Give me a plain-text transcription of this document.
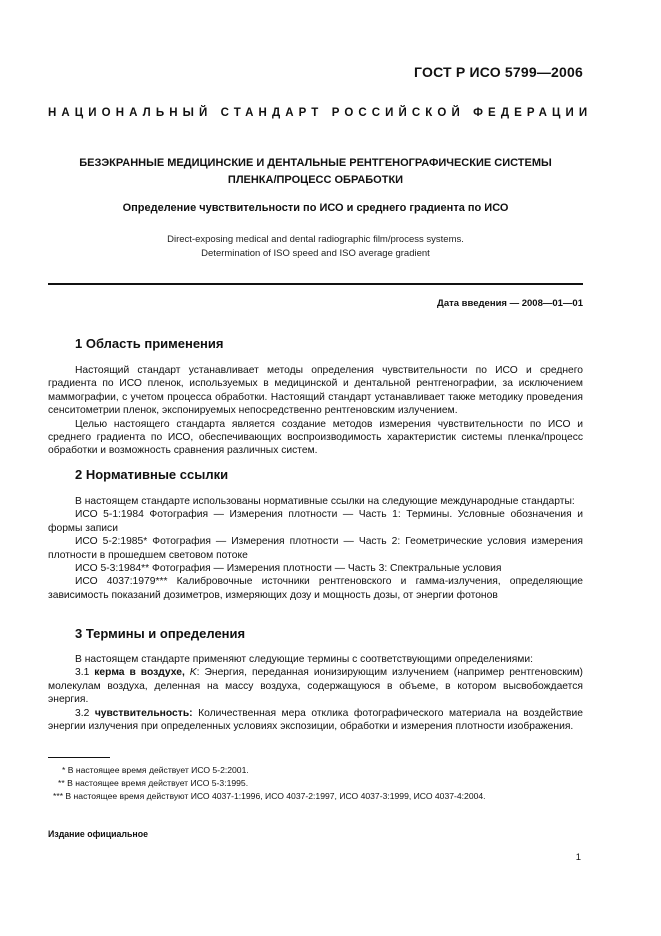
ГОСТ Р ИСО 5799—2006
НАЦИОНАЛЬНЫЙ СТАНДАРТ РОССИЙСКОЙ ФЕДЕРАЦИИ
БЕЗЭКРАННЫЕ МЕДИЦИНСКИЕ И ДЕНТАЛЬНЫЕ РЕНТГЕНОГРАФИЧЕСКИЕ СИСТЕМЫ
ПЛЕНКА/ПРОЦЕСС ОБРАБОТКИ
Определение чувствительности по ИСО и среднего градиента по ИСО
Direct-exposing medical and dental radiographic film/process systems.
Determination of ISO speed and ISO average gradient
Дата введения — 2008—01—01
1 Область применения

Настоящий стандарт устанавливает методы определения чувствительности по ИСО и среднего градиента по ИСО пленок, используемых в медицинской и дентальной рентгенографии, за исключением маммографии, с учетом процесса обработки. Настоящий стандарт устанавливает также методику проведения сенситометрии пленок, экспонируемых непосредственно рентгеновским излучением.

Целью настоящего стандарта является создание методов измерения чувствительности по ИСО и среднего градиента по ИСО, обеспечивающих воспроизводимость характеристик системы пленка/процесс обработки и возможность сравнения различных систем.

2 Нормативные ссылки

В настоящем стандарте использованы нормативные ссылки на следующие международные стандарты:

ИСО 5-1:1984 Фотография — Измерения плотности — Часть 1: Термины. Условные обозначения и формы записи

ИСО 5-2:1985* Фотография — Измерения плотности — Часть 2: Геометрические условия измерения плотности в прошедшем световом потоке

ИСО 5-3:1984** Фотография — Измерения плотности — Часть 3: Спектральные условия

ИСО 4037:1979*** Калибровочные источники рентгеновского и гамма-излучения, определяющие зависимость показаний дозиметров, измеряющих дозу и мощность дозы, от энергии фотонов

3 Термины и определения

В настоящем стандарте применяют следующие термины с соответствующими определениями:

3.1 керма в воздухе, K: Энергия, переданная ионизирующим излучением (например рентгеновским) молекулам воздуха, деленная на массу воздуха, содержащуюся в объеме, в котором высвобождается энергия.

3.2 чувствительность: Количественная мера отклика фотографического материала на воздействие энергии излучения при определенных условиях экспозиции, обработки и измерения плотности изображения.

* В настоящее время действует ИСО 5-2:2001.
** В настоящее время действует ИСО 5-3:1995.
*** В настоящее время действуют ИСО 4037-1:1996, ИСО 4037-2:1997, ИСО 4037-3:1999, ИСО 4037-4:2004.
Издание официальное
1
